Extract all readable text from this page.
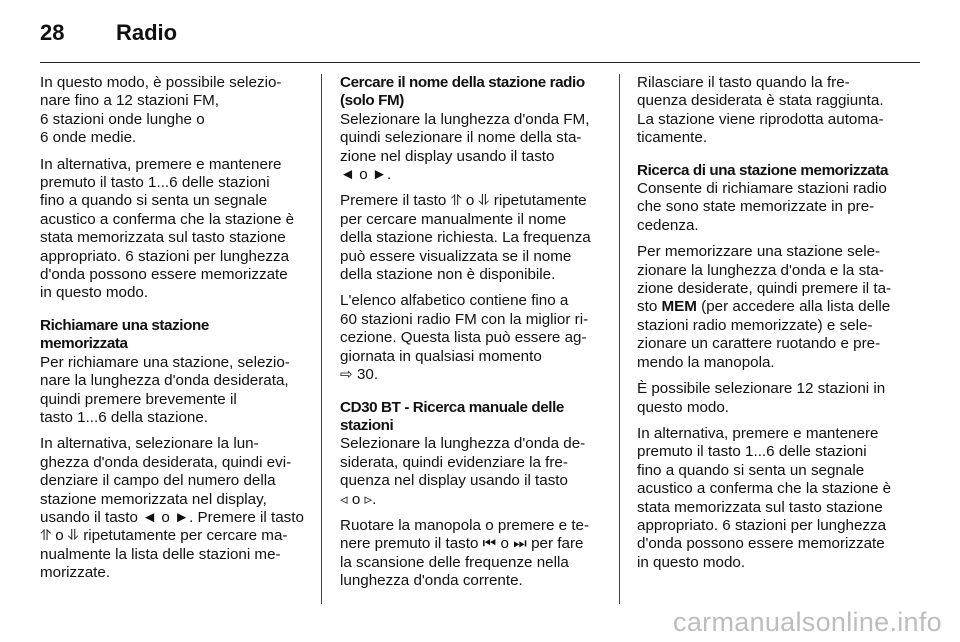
28 Radio

In questo modo, è possibile selezio-
nare fino a 12 stazioni FM,
6 stazioni onde lunghe o
6 onde medie.

In alternativa, premere e mantenere
premuto il tasto 1...6 delle stazioni
fino a quando si senta un segnale
acustico a conferma che la stazione è
stata memorizzata sul tasto stazione
appropriato. 6 stazioni per lunghezza
d'onda possono essere memorizzate
in questo modo.

Richiamare una stazione
memorizzata

Per richiamare una stazione, selezio-
nare la lunghezza d'onda desiderata,
quindi premere brevemente il
tasto 1...6 della stazione.

In alternativa, selezionare la lun-
ghezza d'onda desiderata, quindi evi-
denziare il campo del numero della
stazione memorizzata nel display,
usando il tasto ◄ o ►. Premere il tasto
⥣ o ⥥ ripetutamente per cercare ma-
nualmente la lista delle stazioni me-
morizzate.

Cercare il nome della stazione radio
(solo FM)

Selezionare la lunghezza d'onda FM,
quindi selezionare il nome della sta-
zione nel display usando il tasto
◄ o ►.

Premere il tasto ⥣ o ⥥ ripetutamente
per cercare manualmente il nome
della stazione richiesta. La frequenza
può essere visualizzata se il nome
della stazione non è disponibile.

L'elenco alfabetico contiene fino a
60 stazioni radio FM con la miglior ri-
cezione. Questa lista può essere ag-
giornata in qualsiasi momento
⇨ 30.

CD30 BT - Ricerca manuale delle
stazioni

Selezionare la lunghezza d'onda de-
siderata, quindi evidenziare la fre-
quenza nel display usando il tasto
◃ o ▹.

Ruotare la manopola o premere e te-
nere premuto il tasto ⏮ o ⏭ per fare
la scansione delle frequenze nella
lunghezza d'onda corrente.

Rilasciare il tasto quando la fre-
quenza desiderata è stata raggiunta.
La stazione viene riprodotta automa-
ticamente.

Ricerca di una stazione memorizzata

Consente di richiamare stazioni radio
che sono state memorizzate in pre-
cedenza.

Per memorizzare una stazione sele-
zionare la lunghezza d'onda e la sta-
zione desiderate, quindi premere il ta-
sto MEM (per accedere alla lista delle
stazioni radio memorizzate) e sele-
zionare un carattere ruotando e pre-
mendo la manopola.

È possibile selezionare 12 stazioni in
questo modo.

In alternativa, premere e mantenere
premuto il tasto 1...6 delle stazioni
fino a quando si senta un segnale
acustico a conferma che la stazione è
stata memorizzata sul tasto stazione
appropriato. 6 stazioni per lunghezza
d'onda possono essere memorizzate
in questo modo.

carmanualsonline.info
